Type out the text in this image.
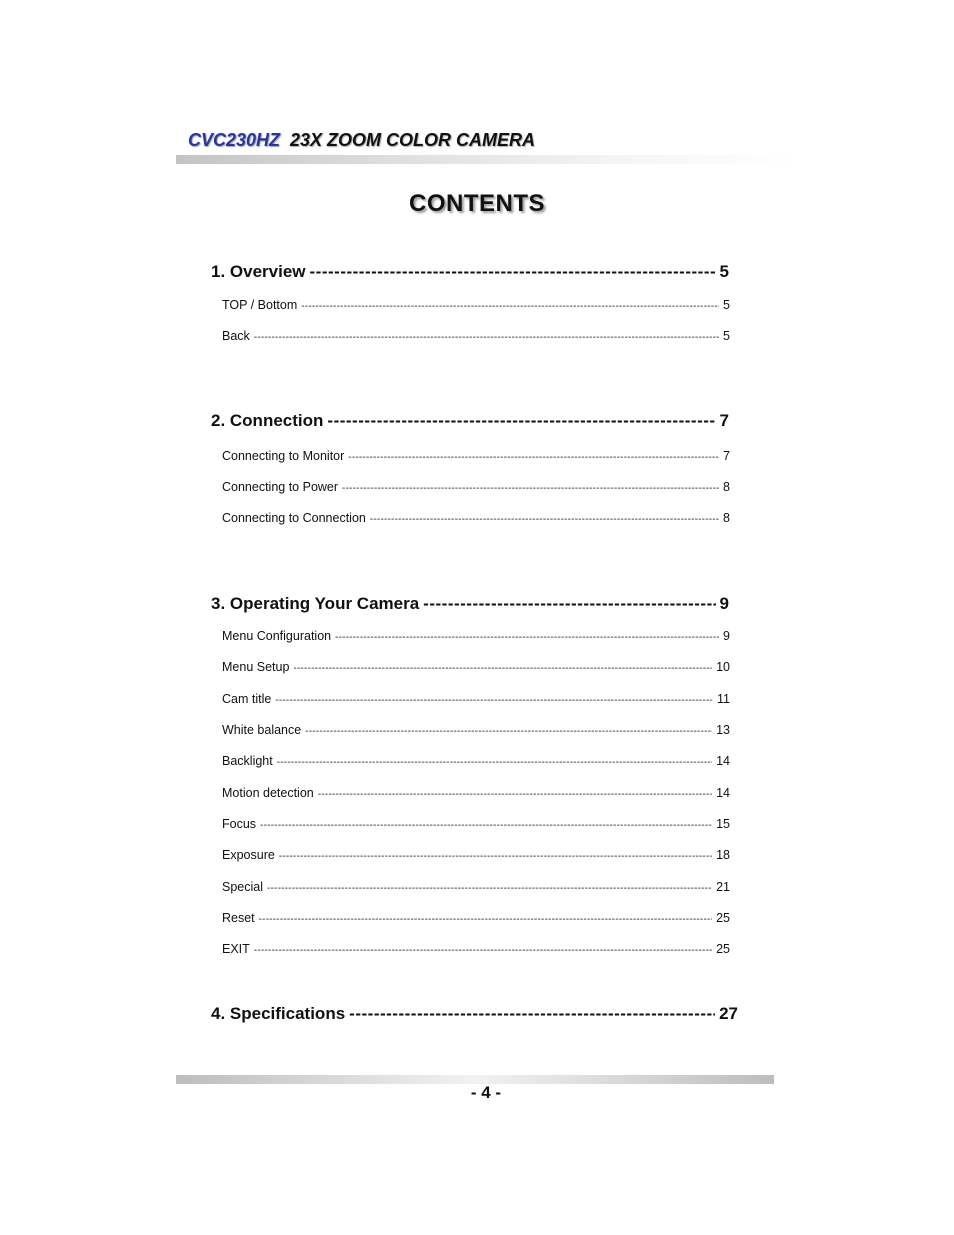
CVC230HZ 23X ZOOM COLOR CAMERA
CONTENTS
1. Overview -----	5
TOP / Bottom -----	5
Back -----	5
2. Connection -----	7
Connecting to Monitor -----	7
Connecting to Power -----	8
Connecting to Connection -----	8
3. Operating Your Camera -----	9
Menu Configuration -----	9
Menu Setup -----	10
Cam title -----	11
White balance -----	13
Backlight -----	14
Motion detection -----	14
Focus -----	15
Exposure -----	18
Special -----	21
Reset -----	25
EXIT -----	25
4. Specifications -----	27
- 4 -
